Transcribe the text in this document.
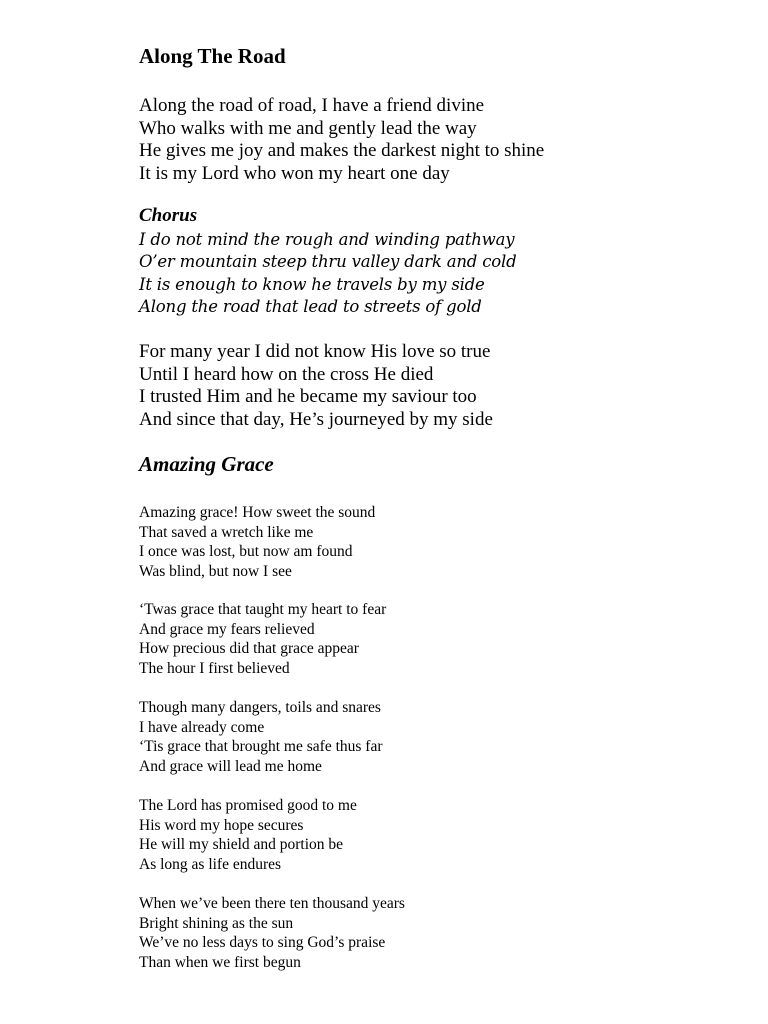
Along The Road
Along the road of road, I have a friend divine
Who walks with me and gently lead the way
He gives me joy and makes the darkest night to shine
It is my Lord who won my heart one day
Chorus
I do not mind the rough and winding pathway
O’er mountain steep thru valley dark and cold
It is enough to know he travels by my side
Along the road that lead to streets of gold
For many year I did not know His love so true
Until I heard how on the cross He died
I trusted Him and he became my saviour too
And since that day, He’s journeyed by my side
Amazing Grace
Amazing grace! How sweet the sound
That saved a wretch like me
I once was lost, but now am found
Was blind, but now I see
‘Twas grace that taught my heart to fear
And grace my fears relieved
How precious did that grace appear
The hour I first believed
Though many dangers, toils and snares
I have already come
‘Tis grace that brought me safe thus far
And grace will lead me home
The Lord has promised good to me
His word my hope secures
He will my shield and portion be
As long as life endures
When we’ve been there ten thousand years
Bright shining as the sun
We’ve no less days to sing God’s praise
Than when we first begun
